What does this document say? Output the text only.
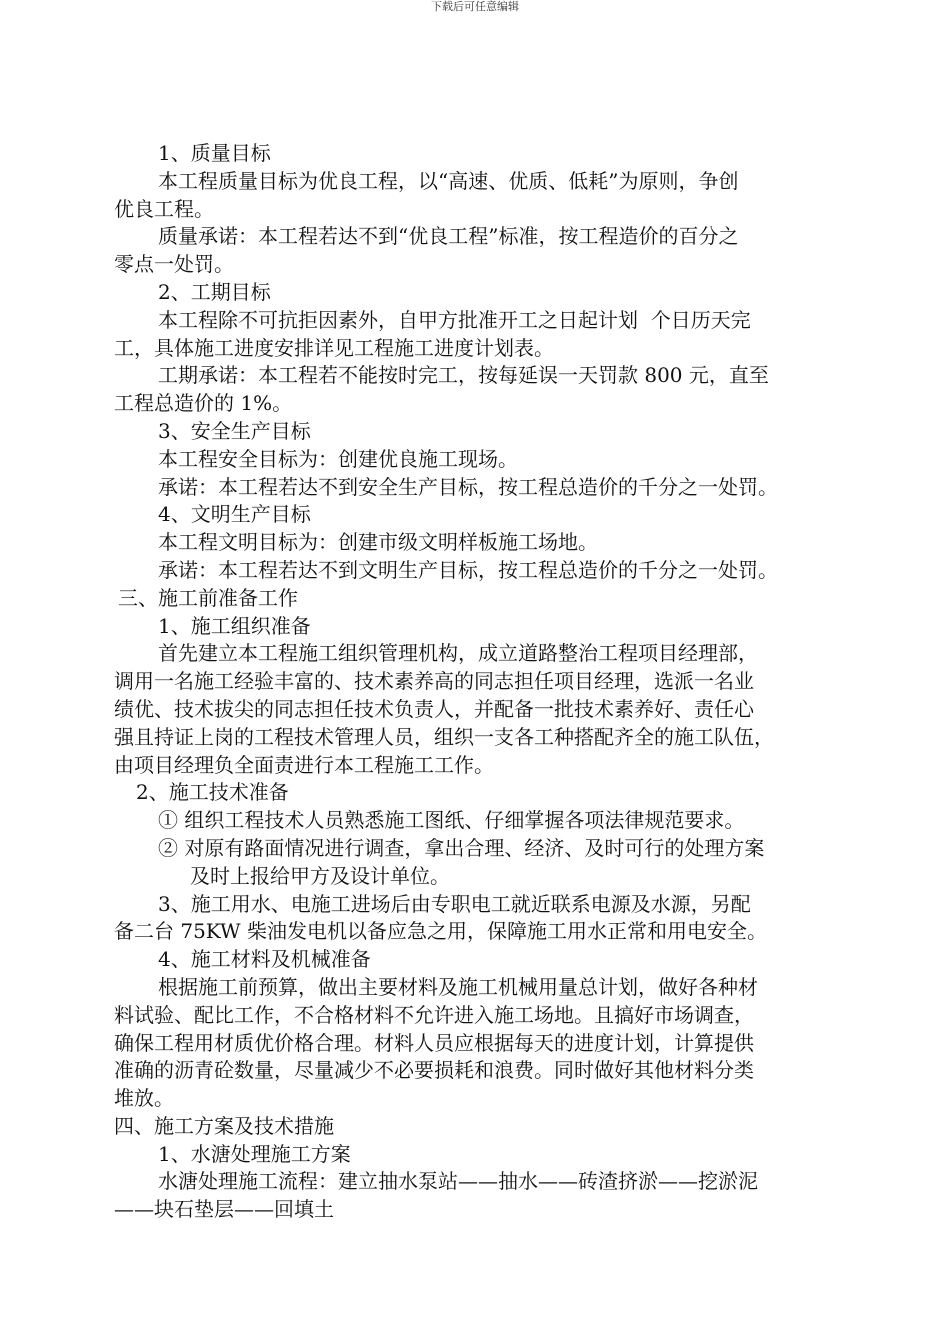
下载后可任意编辑
1、质量目标
本工程质量目标为优良工程，以“高速、优质、低耗”为原则，争创
优良工程。
质量承诺：本工程若达不到“优良工程”标准，按工程造价的百分之
零点一处罚。
2、工期目标
本工程除不可抗拒因素外，自甲方批准开工之日起计划  个日历天完
工，具体施工进度安排详见工程施工进度计划表。
工期承诺：本工程若不能按时完工，按每延误一天罚款 800 元，直至
工程总造价的 1%。
3、安全生产目标
本工程安全目标为：创建优良施工现场。
承诺：本工程若达不到安全生产目标，按工程总造价的千分之一处罚。
4、文明生产目标
本工程文明目标为：创建市级文明样板施工场地。
承诺：本工程若达不到文明生产目标，按工程总造价的千分之一处罚。
三、施工前准备工作
1、施工组织准备
首先建立本工程施工组织管理机构，成立道路整治工程项目经理部，
调用一名施工经验丰富的、技术素养高的同志担任项目经理，选派一名业
绩优、技术拔尖的同志担任技术负责人，并配备一批技术素养好、责任心
强且持证上岗的工程技术管理人员，组织一支各工种搭配齐全的施工队伍，
由项目经理负全面责进行本工程施工工作。
2、施工技术准备
① 组织工程技术人员熟悉施工图纸、仔细掌握各项法律规范要求。
② 对原有路面情况进行调查，拿出合理、经济、及时可行的处理方案
及时上报给甲方及设计单位。
3、施工用水、电施工进场后由专职电工就近联系电源及水源，另配
备二台 75KW 柴油发电机以备应急之用，保障施工用水正常和用电安全。
4、施工材料及机械准备
根据施工前预算，做出主要材料及施工机械用量总计划，做好各种材
料试验、配比工作，不合格材料不允许进入施工场地。且搞好市场调查，
确保工程用材质优价格合理。材料人员应根据每天的进度计划，计算提供
准确的沥青砼数量，尽量减少不必要损耗和浪费。同时做好其他材料分类
堆放。
四、施工方案及技术措施
1、水溏处理施工方案
水溏处理施工流程：建立抽水泵站——抽水——砖渣挤淤——挖淤泥
——块石垫层——回填土
